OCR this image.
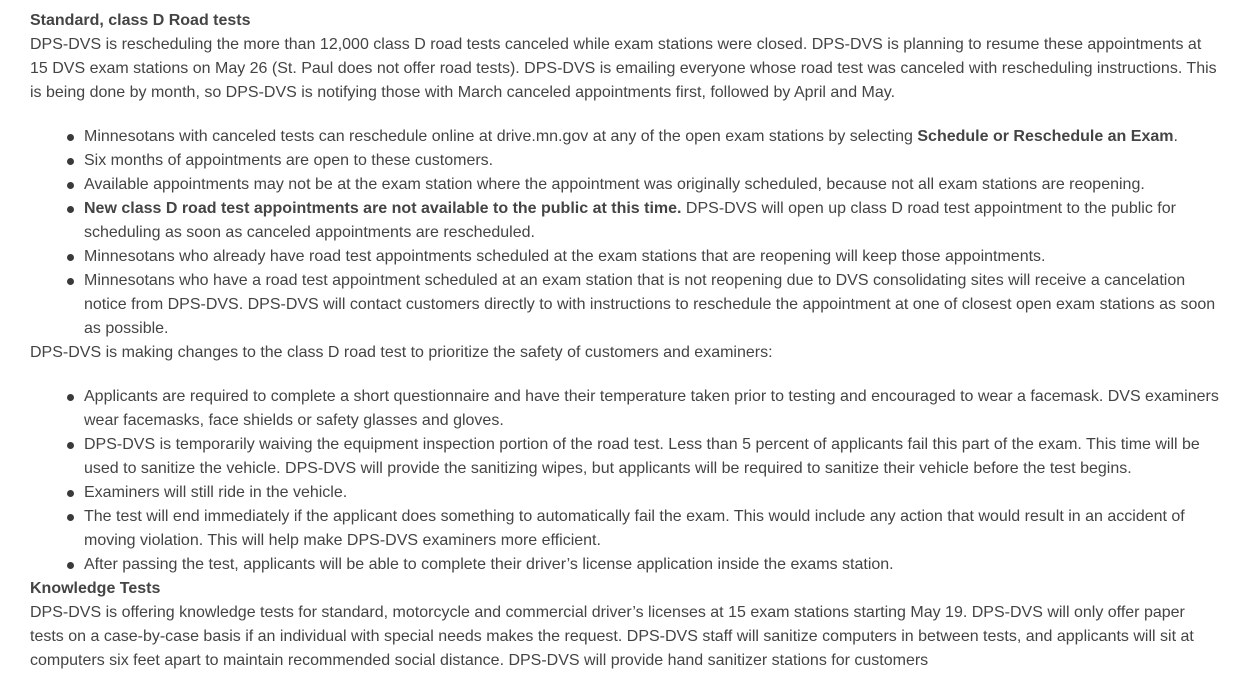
Standard, class D Road tests

DPS-DVS is rescheduling the more than 12,000 class D road tests canceled while exam stations were closed. DPS-DVS is planning to resume these appointments at 15 DVS exam stations on May 26 (St. Paul does not offer road tests). DPS-DVS is emailing everyone whose road test was canceled with rescheduling instructions. This is being done by month, so DPS-DVS is notifying those with March canceled appointments first, followed by April and May.

Minnesotans with canceled tests can reschedule online at drive.mn.gov at any of the open exam stations by selecting Schedule or Reschedule an Exam.
Six months of appointments are open to these customers.
Available appointments may not be at the exam station where the appointment was originally scheduled, because not all exam stations are reopening.
New class D road test appointments are not available to the public at this time. DPS-DVS will open up class D road test appointment to the public for scheduling as soon as canceled appointments are rescheduled.
Minnesotans who already have road test appointments scheduled at the exam stations that are reopening will keep those appointments.
Minnesotans who have a road test appointment scheduled at an exam station that is not reopening due to DVS consolidating sites will receive a cancelation notice from DPS-DVS. DPS-DVS will contact customers directly to with instructions to reschedule the appointment at one of closest open exam stations as soon as possible.

DPS-DVS is making changes to the class D road test to prioritize the safety of customers and examiners:

Applicants are required to complete a short questionnaire and have their temperature taken prior to testing and encouraged to wear a facemask. DVS examiners wear facemasks, face shields or safety glasses and gloves.
DPS-DVS is temporarily waiving the equipment inspection portion of the road test. Less than 5 percent of applicants fail this part of the exam. This time will be used to sanitize the vehicle. DPS-DVS will provide the sanitizing wipes, but applicants will be required to sanitize their vehicle before the test begins.
Examiners will still ride in the vehicle.
The test will end immediately if the applicant does something to automatically fail the exam. This would include any action that would result in an accident of moving violation. This will help make DPS-DVS examiners more efficient.
After passing the test, applicants will be able to complete their driver’s license application inside the exams station.
Knowledge Tests

DPS-DVS is offering knowledge tests for standard, motorcycle and commercial driver’s licenses at 15 exam stations starting May 19. DPS-DVS will only offer paper tests on a case-by-case basis if an individual with special needs makes the request. DPS-DVS staff will sanitize computers in between tests, and applicants will sit at computers six feet apart to maintain recommended social distance. DPS-DVS will provide hand sanitizer stations for customers
